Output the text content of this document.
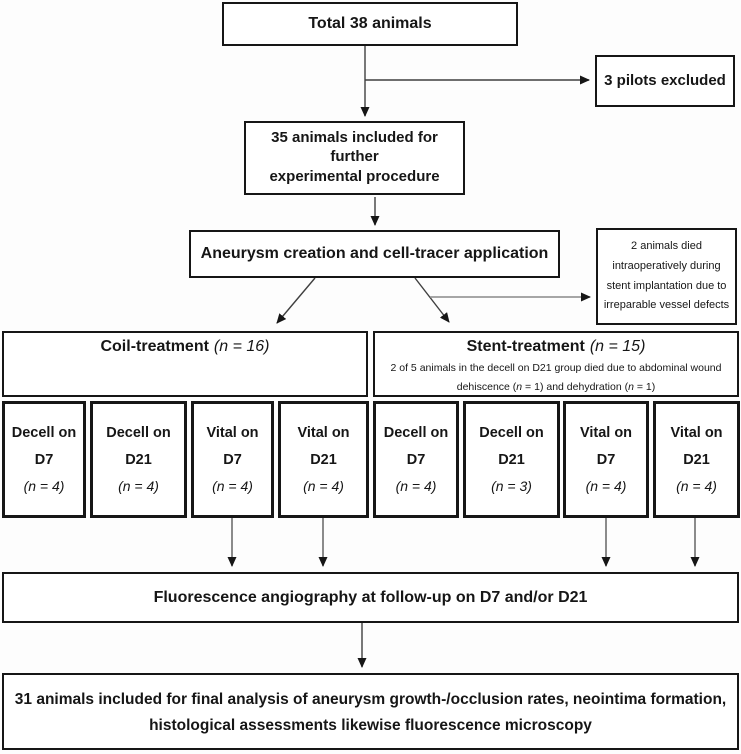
Total 38 animals
3 pilots excluded
35 animals included for further
experimental procedure
Aneurysm creation and cell-tracer application	2 animals died
intraoperatively during
stent implantation due to
irreparable vessel defects
Coil-treatment (n = 16)	Stent-treatment (n = 15)
2 of 5 animals in the decell on D21 group died due to abdominal wound
dehiscence (n = 1) and dehydration (n = 1)
Decell on
D7
(n = 4)
Decell on
D21
(n = 4)
Vital on
D7
(n = 4)
Vital on
D21
(n = 4)
Decell on
D7
(n = 4)
Decell on
D21
(n = 3)
Vital on
D7
(n = 4)
Vital on
D21
(n = 4)
Fluorescence angiography at follow-up on D7 and/or D21
31 animals included for final analysis of aneurysm growth-/occlusion rates, neointima formation,
histological assessments likewise fluorescence microscopy
